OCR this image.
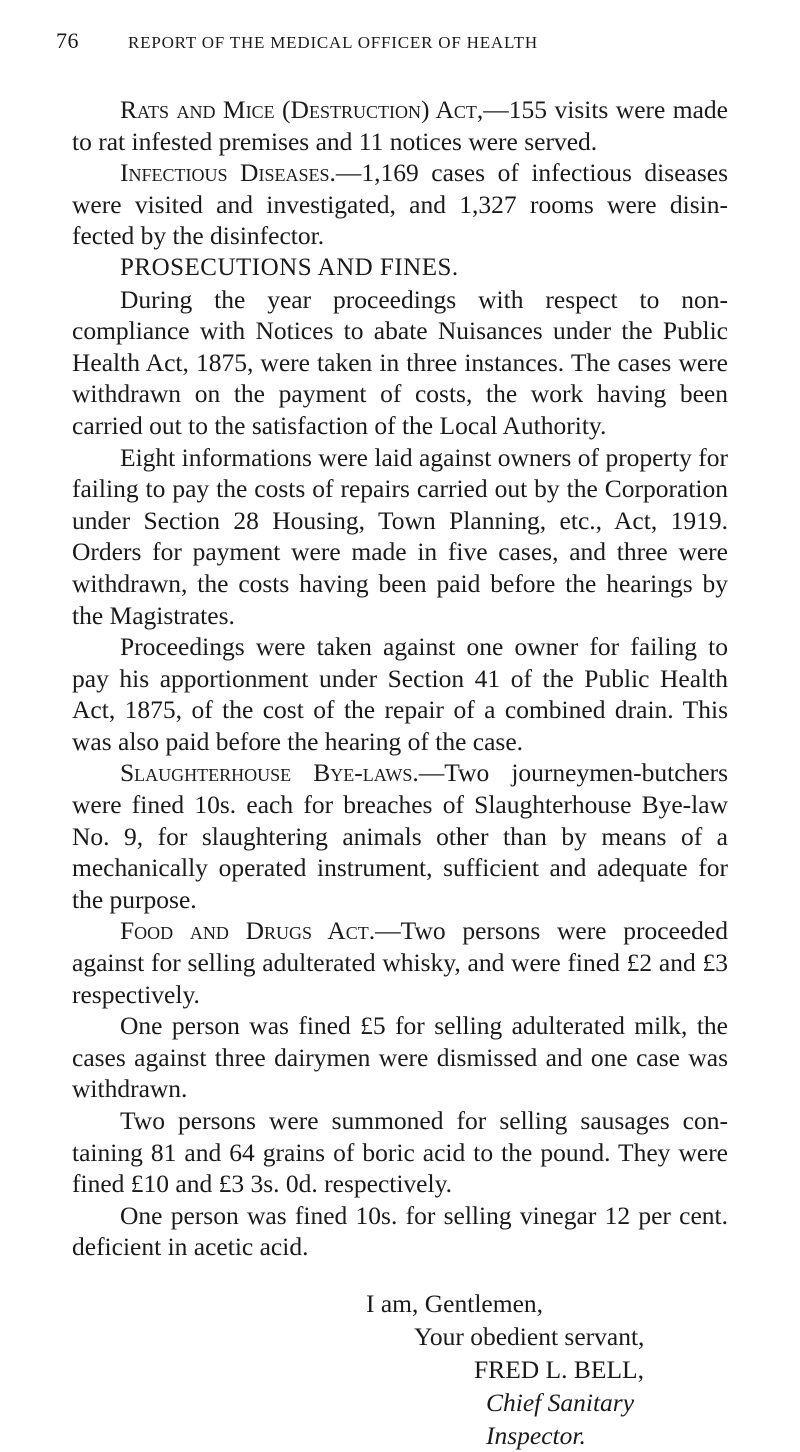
76	REPORT OF THE MEDICAL OFFICER OF HEALTH

Rats and Mice (Destruction) Act,—155 visits were made to rat infested premises and 11 notices were served.

Infectious Diseases.—1,169 cases of infectious diseases were visited and investigated, and 1,327 rooms were disin-fected by the disinfector.

PROSECUTIONS AND FINES.

During the year proceedings with respect to non-compliance with Notices to abate Nuisances under the Public Health Act, 1875, were taken in three instances. The cases were withdrawn on the payment of costs, the work having been carried out to the satisfaction of the Local Authority.

Eight informations were laid against owners of property for failing to pay the costs of repairs carried out by the Corporation under Section 28 Housing, Town Planning, etc., Act, 1919. Orders for payment were made in five cases, and three were withdrawn, the costs having been paid before the hearings by the Magistrates.

Proceedings were taken against one owner for failing to pay his apportionment under Section 41 of the Public Health Act, 1875, of the cost of the repair of a combined drain. This was also paid before the hearing of the case.

Slaughterhouse Bye-laws.—Two journeymen-butchers were fined 10s. each for breaches of Slaughterhouse Bye-law No. 9, for slaughtering animals other than by means of a mechanically operated instrument, sufficient and adequate for the purpose.

Food and Drugs Act.—Two persons were proceeded against for selling adulterated whisky, and were fined £2 and £3 respectively.

One person was fined £5 for selling adulterated milk, the cases against three dairymen were dismissed and one case was withdrawn.

Two persons were summoned for selling sausages con-taining 81 and 64 grains of boric acid to the pound. They were fined £10 and £3 3s. 0d. respectively.

One person was fined 10s. for selling vinegar 12 per cent. deficient in acetic acid.

I am, Gentlemen,
Your obedient servant,
FRED L. BELL,
Chief Sanitary Inspector.
